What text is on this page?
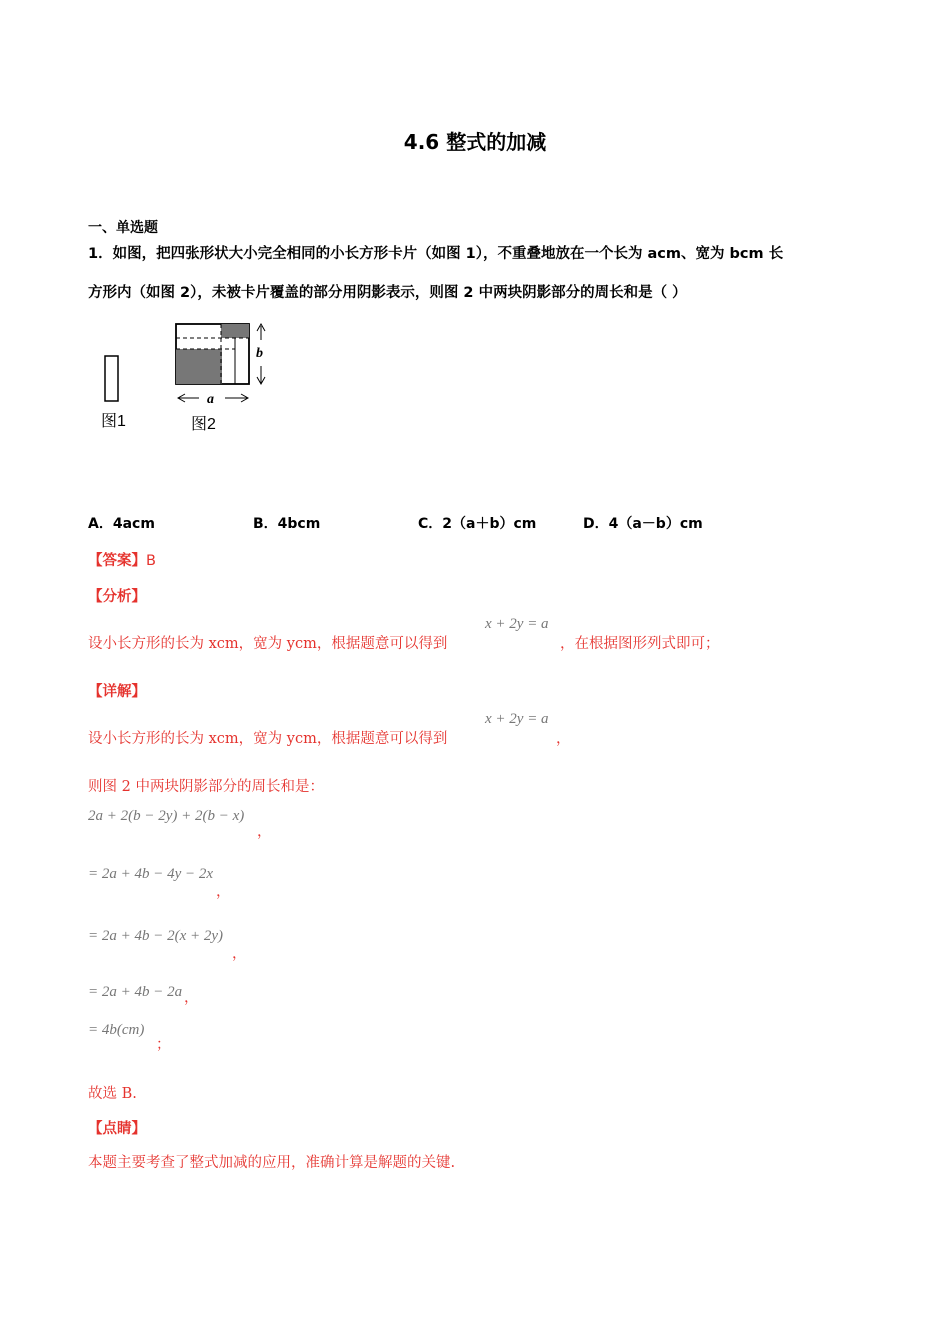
4.6 整式的加减
一、单选题
1．如图，把四张形状大小完全相同的小长方形卡片（如图 1），不重叠地放在一个长为 acm、宽为 bcm 长
方形内（如图 2），未被卡片覆盖的部分用阴影表示，则图 2 中两块阴影部分的周长和是（ ）
b
a
图1	图2
A．4acm	B．4bcm	C．2（a＋b）cm	D．4（a－b）cm
【答案】B
【分析】
设小长方形的长为 xcm，宽为 ycm，根据题意可以得到
x + 2y = a
，在根据图形列式即可；
【详解】
设小长方形的长为 xcm，宽为 ycm，根据题意可以得到
x + 2y = a
，
则图 2 中两块阴影部分的周长和是：
2a + 2(b − 2y) + 2(b − x)
，
= 2a + 4b − 4y − 2x
，
= 2a + 4b − 2(x + 2y)
，
= 2a + 4b − 2a ，
= 4b(cm)
；
故选 B.
【点睛】
本题主要考查了整式加减的应用，准确计算是解题的关键.
